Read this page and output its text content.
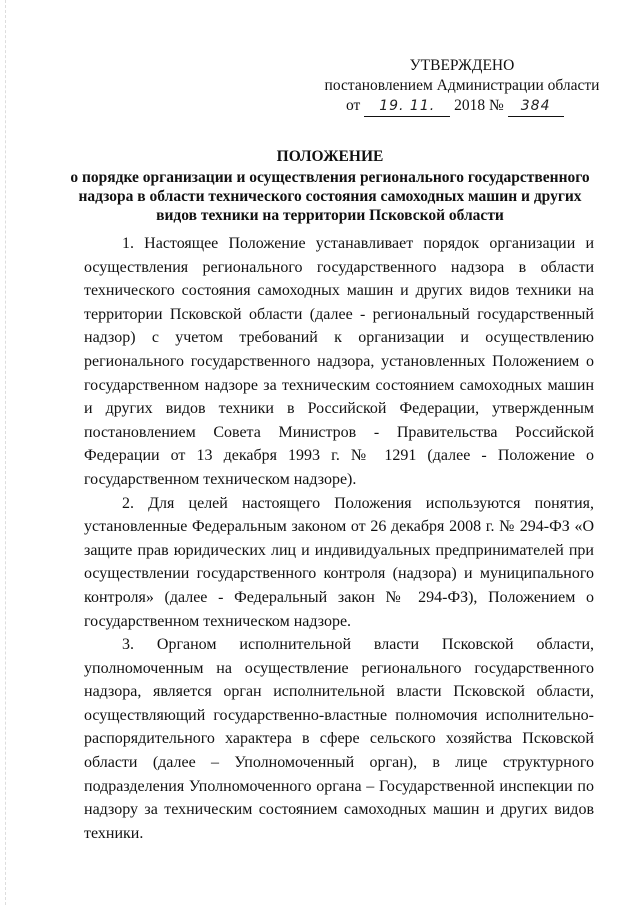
УТВЕРЖДЕНО
постановлением Администрации области
от 19. 11. 2018 № 384
ПОЛОЖЕНИЕ
о порядке организации и осуществления регионального государственного надзора в области технического состояния самоходных машин и других видов техники на территории Псковской области

1. Настоящее Положение устанавливает порядок организации и осуществления регионального государственного надзора в области технического состояния самоходных машин и других видов техники на территории Псковской области (далее - региональный государственный надзор) с учетом требований к организации и осуществлению регионального государственного надзора, установленных Положением о государственном надзоре за техническим состоянием самоходных машин и других видов техники в Российской Федерации, утвержденным постановлением Совета Министров - Правительства Российской Федерации от 13 декабря 1993 г. № 1291 (далее - Положение о государственном техническом надзоре).

2. Для целей настоящего Положения используются понятия, установленные Федеральным законом от 26 декабря 2008 г. № 294-ФЗ «О защите прав юридических лиц и индивидуальных предпринимателей при осуществлении государственного контроля (надзора) и муниципального контроля» (далее - Федеральный закон № 294-ФЗ), Положением о государственном техническом надзоре.

3. Органом исполнительной власти Псковской области, уполномоченным на осуществление регионального государственного надзора, является орган исполнительной власти Псковской области, осуществляющий государственно-властные полномочия исполнительно-распорядительного характера в сфере сельского хозяйства Псковской области (далее – Уполномоченный орган), в лице структурного подразделения Уполномоченного органа – Государственной инспекции по надзору за техническим состоянием самоходных машин и других видов техники.
